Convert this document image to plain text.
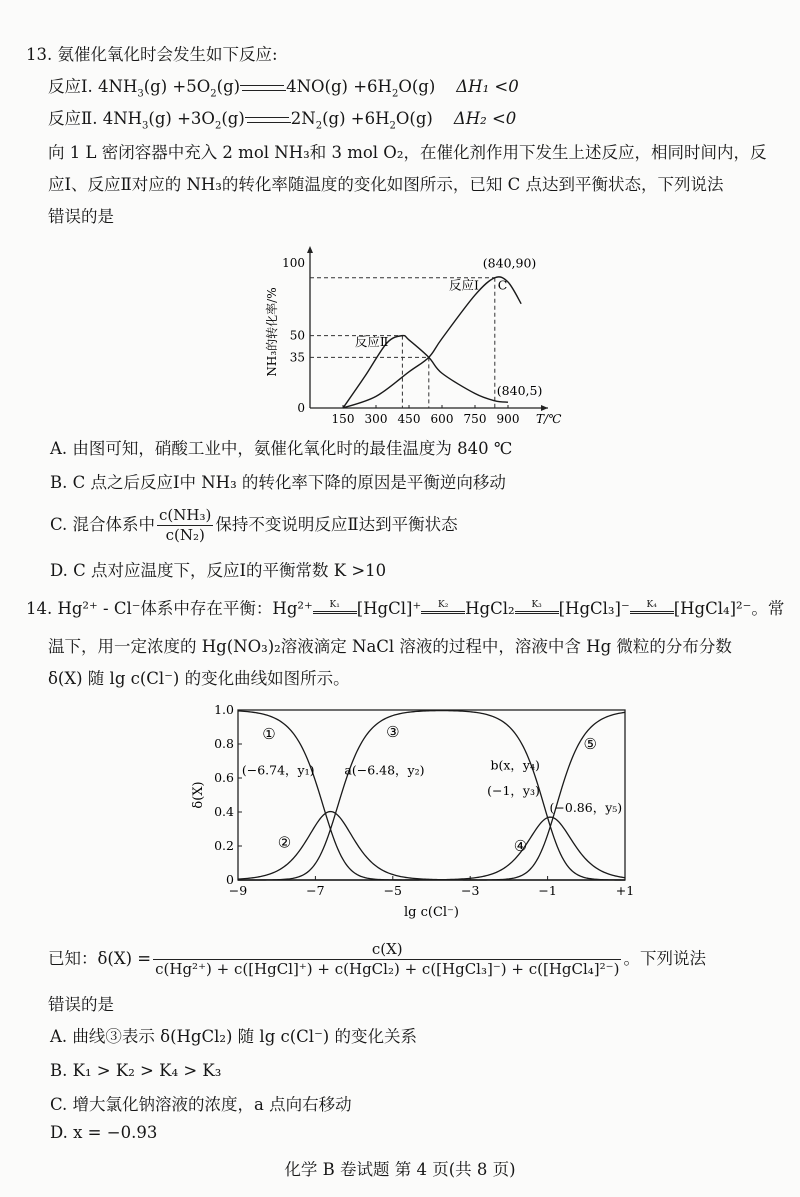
13. 氨催化氧化时会发生如下反应:
反应Ⅰ. $4NH_3(g) +5O_2(g)$	$4NO(g) +6H_2O(g)$ ΔH₁ <0
反应Ⅱ. $4NH_3(g) +3O_2(g)$	$2N_2(g) +6H_2O(g)$ ΔH₂ <0
向 1 L 密闭容器中充入 2 mol NH₃和 3 mol O₂，在催化剂作用下发生上述反应，相同时间内，反
应Ⅰ、反应Ⅱ对应的 NH₃的转化率随温度的变化如图所示，已知 C 点达到平衡状态，下列说法
错误的是
150 300 450 600 750 900
0
35
50
100
T/℃
NH₃的转化率/%
(840,90)
C
(840,5)
反应Ⅰ
反应Ⅱ
A. 由图可知，硝酸工业中，氨催化氧化时的最佳温度为 840 ℃
B. C 点之后反应Ⅰ中 NH₃ 的转化率下降的原因是平衡逆向移动
C. 混合体系中 $\frac{\text{c(NH₃)}}{\text{c(N₂)}}$ 保持不变说明反应Ⅱ达到平衡状态
D. C 点对应温度下，反应Ⅰ的平衡常数 K >10
14. Hg²⁺ - Cl⁻体系中存在平衡：Hg²⁺	K₁	[HgCl]⁺	K₂	HgCl₂	K₃	[HgCl₃]⁻	K₄	[HgCl₄]²⁻。常
温下，用一定浓度的 Hg(NO₃)₂溶液滴定 NaCl 溶液的过程中，溶液中含 Hg 微粒的分布分数
δ(X) 随 lg c(Cl⁻) 的变化曲线如图所示。
−9	−7	−5	−3	−1	+1
0
0.2
0.4
0.6
0.8
1.0
lg c(Cl⁻)
δ(X)
①
②
③
④
⑤
(−6.74，y₁) a(−6.48，y₂)	b(x，y₄)
(−1，y₃)
(−0.86，y₅)
已知：$\delta(X) = \frac{c(X)}{\text{c(Hg²⁺) + c([HgCl]⁺) + c(HgCl₂) + c([HgCl₃]⁻) + c([HgCl₄]²⁻)}}$ 。下列说法
错误的是
A. 曲线③表示 δ(HgCl₂) 随 lg c(Cl⁻) 的变化关系
B. K₁ > K₂ > K₄ > K₃
C. 增大氯化钠溶液的浓度，a 点向右移动
D. x = −0.93
化学 B 卷试题 第 4 页(共 8 页)
